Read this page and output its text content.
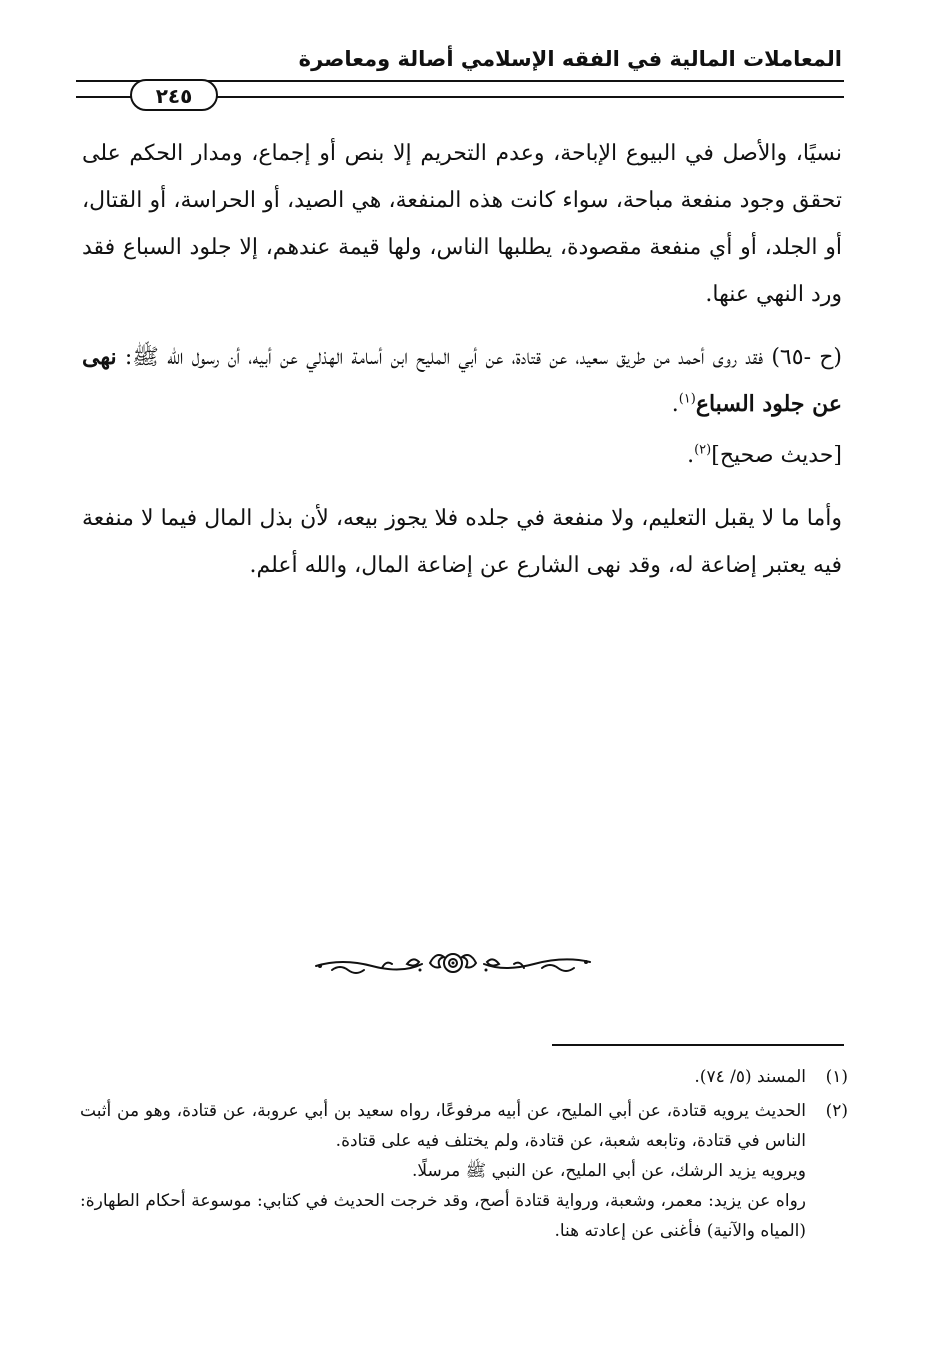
المعاملات المالية في الفقه الإسلامي أصالة ومعاصرة
٢٤٥

نسيًا، والأصل في البيوع الإباحة، وعدم التحريم إلا بنص أو إجماع، ومدار الحكم على تحقق وجود منفعة مباحة، سواء كانت هذه المنفعة، هي الصيد، أو الحراسة، أو القتال، أو الجلد، أو أي منفعة مقصودة، يطلبها الناس، ولها قيمة عندهم، إلا جلود السباع فقد ورد النهي عنها.

(ح -٦٥) فقد روى أحمد من طريق سعيد، عن قتادة، عن أبي المليح ابن أسامة الهذلي عن أبيه، أن رسول الله ﷺ: نهى عن جلود السباع$^{(١)}$.
[حديث صحيح]$^{(٢)}$.

وأما ما لا يقبل التعليم، ولا منفعة في جلده فلا يجوز بيعه، لأن بذل المال فيما لا منفعة فيه يعتبر إضاعة له، وقد نهى الشارع عن إضاعة المال، والله أعلم.

(١)

المسند (٥/ ٧٤).

(٢)

الحديث يرويه قتادة، عن أبي المليح، عن أبيه مرفوعًا، رواه سعيد بن أبي عروبة، عن قتادة، وهو من أثبت الناس في قتادة، وتابعه شعبة، عن قتادة، ولم يختلف فيه على قتادة.

ويرويه يزيد الرشك، عن أبي المليح، عن النبي ﷺ مرسلًا.

رواه عن يزيد: معمر، وشعبة، ورواية قتادة أصح، وقد خرجت الحديث في كتابي: موسوعة أحكام الطهارة: (المياه والآنية) فأغنى عن إعادته هنا.
